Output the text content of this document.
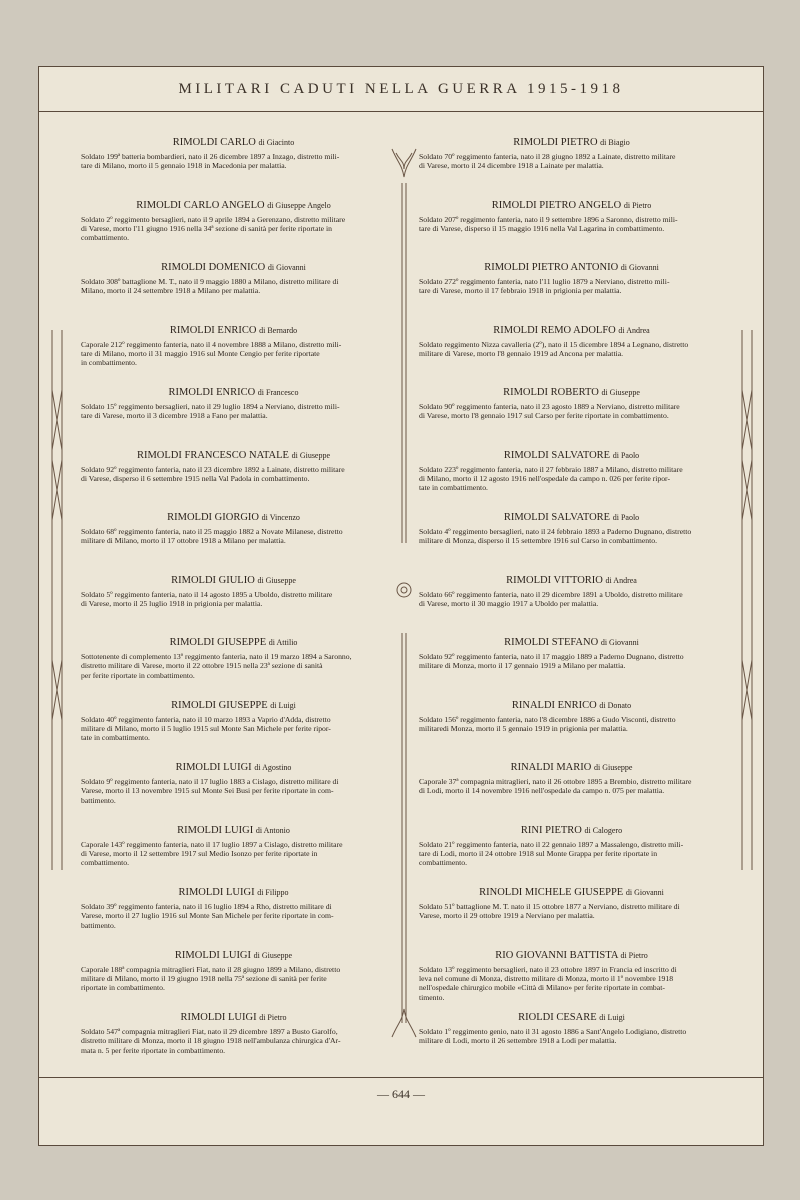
MILITARI CADUTI NELLA GUERRA 1915-1918
RIMOLDI CARLO di Giacinto
Soldato 199ª batteria bombardieri, nato il 26 dicembre 1897 a Inzago, distretto mili-
tare di Milano, morto il 5 gennaio 1918 in Macedonia per malattia.
RIMOLDI CARLO ANGELO di Giuseppe Angelo
Soldato 2º reggimento bersaglieri, nato il 9 aprile 1894 a Gerenzano, distretto militare
di Varese, morto l'11 giugno 1916 nella 34ª sezione di sanità per ferite riportate in
combattimento.
RIMOLDI DOMENICO di Giovanni
Soldato 308º battaglione M. T., nato il 9 maggio 1880 a Milano, distretto militare di
Milano, morto il 24 settembre 1918 a Milano per malattia.
RIMOLDI ENRICO di Bernardo
Caporale 212º reggimento fanteria, nato il 4 novembre 1888 a Milano, distretto mili-
tare di Milano, morto il 31 maggio 1916 sul Monte Cengio per ferite riportate
in combattimento.
RIMOLDI ENRICO di Francesco
Soldato 15º reggimento bersaglieri, nato il 29 luglio 1894 a Nerviano, distretto mili-
tare di Varese, morto il 3 dicembre 1918 a Fano per malattia.
RIMOLDI FRANCESCO NATALE di Giuseppe
Soldato 92º reggimento fanteria, nato il 23 dicembre 1892 a Lainate, distretto militare
di Varese, disperso il 6 settembre 1915 nella Val Padola in combattimento.
RIMOLDI GIORGIO di Vincenzo
Soldato 68º reggimento fanteria, nato il 25 maggio 1882 a Novate Milanese, distretto
militare di Milano, morto il 17 ottobre 1918 a Milano per malattia.
RIMOLDI GIULIO di Giuseppe
Soldato 5º reggimento fanteria, nato il 14 agosto 1895 a Uboldo, distretto militare
di Varese, morto il 25 luglio 1918 in prigionia per malattia.
RIMOLDI GIUSEPPE di Attilio
Sottotenente di complemento 13º reggimento fanteria, nato il 19 marzo 1894 a Saronno,
distretto militare di Varese, morto il 22 ottobre 1915 nella 23ª sezione di sanità
per ferite riportate in combattimento.
RIMOLDI GIUSEPPE di Luigi
Soldato 40º reggimento fanteria, nato il 10 marzo 1893 a Vaprio d'Adda, distretto
militare di Milano, morto il 5 luglio 1915 sul Monte San Michele per ferite ripor-
tate in combattimento.
RIMOLDI LUIGI di Agostino
Soldato 9º reggimento fanteria, nato il 17 luglio 1883 a Cislago, distretto militare di
Varese, morto il 13 novembre 1915 sul Monte Sei Busi per ferite riportate in com-
battimento.
RIMOLDI LUIGI di Antonio
Caporale 143º reggimento fanteria, nato il 17 luglio 1897 a Cislago, distretto militare
di Varese, morto il 12 settembre 1917 sul Medio Isonzo per ferite riportate in
combattimento.
RIMOLDI LUIGI di Filippo
Soldato 39º reggimento fanteria, nato il 16 luglio 1894 a Rho, distretto militare di
Varese, morto il 27 luglio 1916 sul Monte San Michele per ferite riportate in com-
battimento.
RIMOLDI LUIGI di Giuseppe
Caporale 188ª compagnia mitraglieri Fiat, nato il 28 giugno 1899 a Milano, distretto
militare di Milano, morto il 19 giugno 1918 nella 75ª sezione di sanità per ferite
riportate in combattimento.
RIMOLDI LUIGI di Pietro
Soldato 547ª compagnia mitraglieri Fiat, nato il 29 dicembre 1897 a Busto Garolfo,
distretto militare di Monza, morto il 18 giugno 1918 nell'ambulanza chirurgica d'Ar-
mata n. 5 per ferite riportate in combattimento.
RIMOLDI PIETRO di Biagio
Soldato 70º reggimento fanteria, nato il 28 giugno 1892 a Lainate, distretto militare
di Varese, morto il 24 dicembre 1918 a Lainate per malattia.
RIMOLDI PIETRO ANGELO di Pietro
Soldato 207º reggimento fanteria, nato il 9 settembre 1896 a Saronno, distretto mili-
tare di Varese, disperso il 15 maggio 1916 nella Val Lagarina in combattimento.
RIMOLDI PIETRO ANTONIO di Giovanni
Soldato 272º reggimento fanteria, nato l'11 luglio 1879 a Nerviano, distretto mili-
tare di Varese, morto il 17 febbraio 1918 in prigionia per malattia.
RIMOLDI REMO ADOLFO di Andrea
Soldato reggimento Nizza cavalleria (2º), nato il 15 dicembre 1894 a Legnano, distretto
militare di Varese, morto l'8 gennaio 1919 ad Ancona per malattia.
RIMOLDI ROBERTO di Giuseppe
Soldato 90º reggimento fanteria, nato il 23 agosto 1889 a Nerviano, distretto militare
di Varese, morto l'8 gennaio 1917 sul Carso per ferite riportate in combattimento.
RIMOLDI SALVATORE di Paolo
Soldato 223º reggimento fanteria, nato il 27 febbraio 1887 a Milano, distretto militare
di Milano, morto il 12 agosto 1916 nell'ospedale da campo n. 026 per ferite ripor-
tate in combattimento.
RIMOLDI SALVATORE di Paolo
Soldato 4º reggimento bersaglieri, nato il 24 febbraio 1893 a Paderno Dugnano, distretto
militare di Monza, disperso il 15 settembre 1916 sul Carso in combattimento.
RIMOLDI VITTORIO di Andrea
Soldato 66º reggimento fanteria, nato il 29 dicembre 1891 a Uboldo, distretto militare
di Varese, morto il 30 maggio 1917 a Uboldo per malattia.
RIMOLDI STEFANO di Giovanni
Soldato 92º reggimento fanteria, nato il 17 maggio 1889 a Paderno Dugnano, distretto
militare di Monza, morto il 17 gennaio 1919 a Milano per malattia.
RINALDI ENRICO di Donato
Soldato 156º reggimento fanteria, nato l'8 dicembre 1886 a Gudo Visconti, distretto
militaredi Monza, morto il 5 gennaio 1919 in prigionia per malattia.
RINALDI MARIO di Giuseppe
Caporale 37ª compagnia mitraglieri, nato il 26 ottobre 1895 a Brembio, distretto militare
di Lodi, morto il 14 novembre 1916 nell'ospedale da campo n. 075 per malattia.
RINI PIETRO di Calogero
Soldato 21º reggimento fanteria, nato il 22 gennaio 1897 a Massalengo, distretto mili-
tare di Lodi, morto il 24 ottobre 1918 sul Monte Grappa per ferite riportate in
combattimento.
RINOLDI MICHELE GIUSEPPE di Giovanni
Soldato 51º battaglione M. T. nato il 15 ottobre 1877 a Nerviano, distretto militare di
Varese, morto il 29 ottobre 1919 a Nerviano per malattia.
RIO GIOVANNI BATTISTA di Pietro
Soldato 13º reggimento bersaglieri, nato il 23 ottobre 1897 in Francia ed inscritto di
leva nel comune di Monza, distretto militare di Monza, morto il 1º novembre 1918
nell'ospedale chirurgico mobile «Città di Milano» per ferite riportate in combat-
timento.
RIOLDI CESARE di Luigi
Soldato 1º reggimento genio, nato il 31 agosto 1886 a Sant'Angelo Lodigiano, distretto
militare di Lodi, morto il 26 settembre 1918 a Lodi per malattia.
— 644 —
